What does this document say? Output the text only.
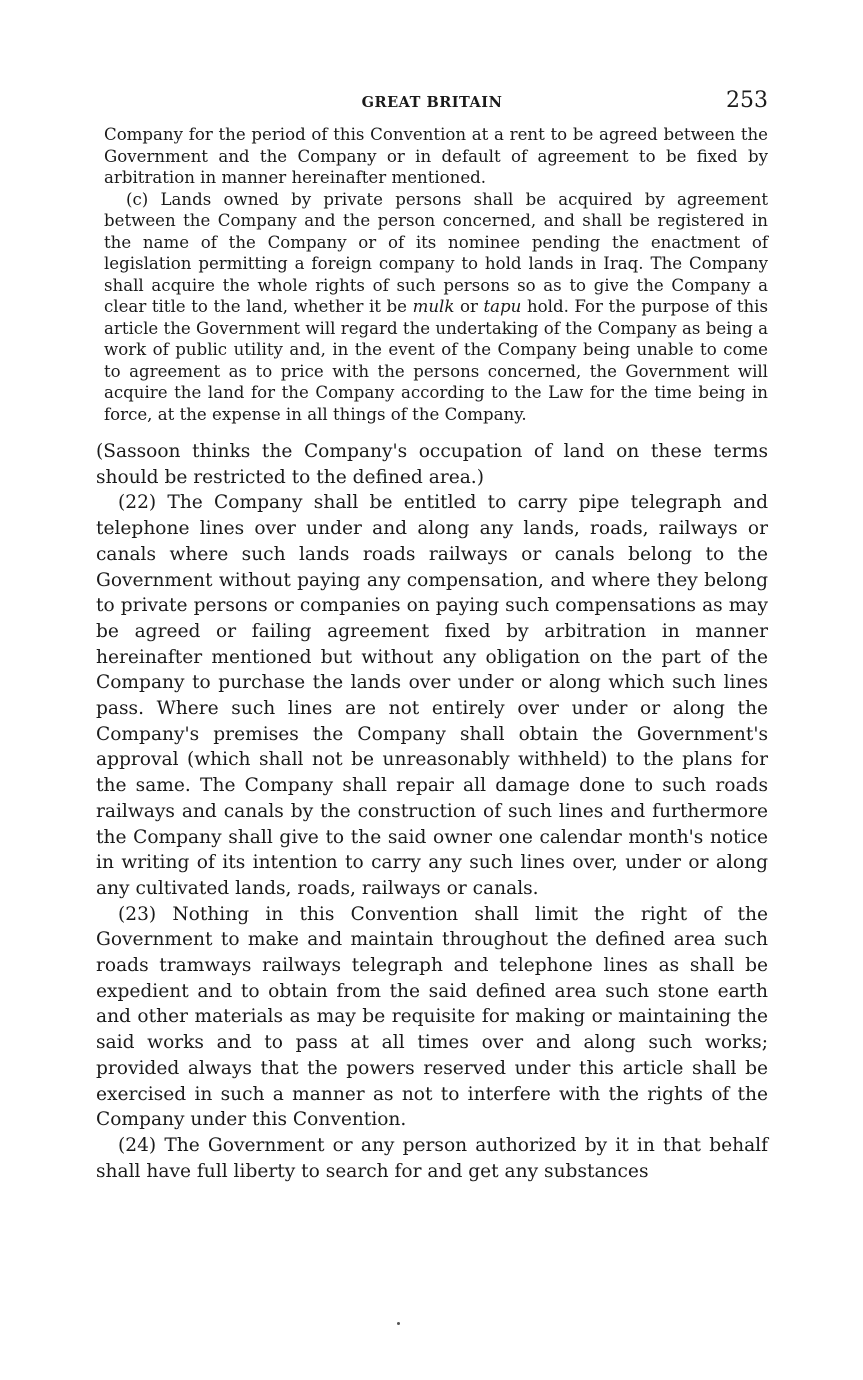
GREAT BRITAIN	253

Company for the period of this Convention at a rent to be agreed between the Government and the Company or in default of agreement to be fixed by arbitration in manner hereinafter mentioned.

(c) Lands owned by private persons shall be acquired by agreement between the Company and the person concerned, and shall be registered in the name of the Company or of its nominee pending the enactment of legislation permitting a foreign company to hold lands in Iraq. The Company shall acquire the whole rights of such persons so as to give the Company a clear title to the land, whether it be mulk or tapu hold. For the purpose of this article the Government will regard the undertaking of the Company as being a work of public utility and, in the event of the Company being unable to come to agreement as to price with the persons concerned, the Government will acquire the land for the Company according to the Law for the time being in force, at the expense in all things of the Company.

(Sassoon thinks the Company's occupation of land on these terms should be restricted to the defined area.)

(22) The Company shall be entitled to carry pipe telegraph and telephone lines over under and along any lands, roads, railways or canals where such lands roads railways or canals belong to the Government without paying any compensation, and where they belong to private persons or companies on paying such compensations as may be agreed or failing agreement fixed by arbitration in manner hereinafter mentioned but without any obligation on the part of the Company to purchase the lands over under or along which such lines pass. Where such lines are not entirely over under or along the Company's premises the Company shall obtain the Government's approval (which shall not be unreasonably withheld) to the plans for the same. The Company shall repair all damage done to such roads railways and canals by the construction of such lines and furthermore the Company shall give to the said owner one calendar month's notice in writing of its intention to carry any such lines over, under or along any cultivated lands, roads, railways or canals.

(23) Nothing in this Convention shall limit the right of the Government to make and maintain throughout the defined area such roads tramways railways telegraph and telephone lines as shall be expedient and to obtain from the said defined area such stone earth and other materials as may be requisite for making or maintaining the said works and to pass at all times over and along such works; provided always that the powers reserved under this article shall be exercised in such a manner as not to interfere with the rights of the Company under this Convention.

(24) The Government or any person authorized by it in that behalf shall have full liberty to search for and get any substances
